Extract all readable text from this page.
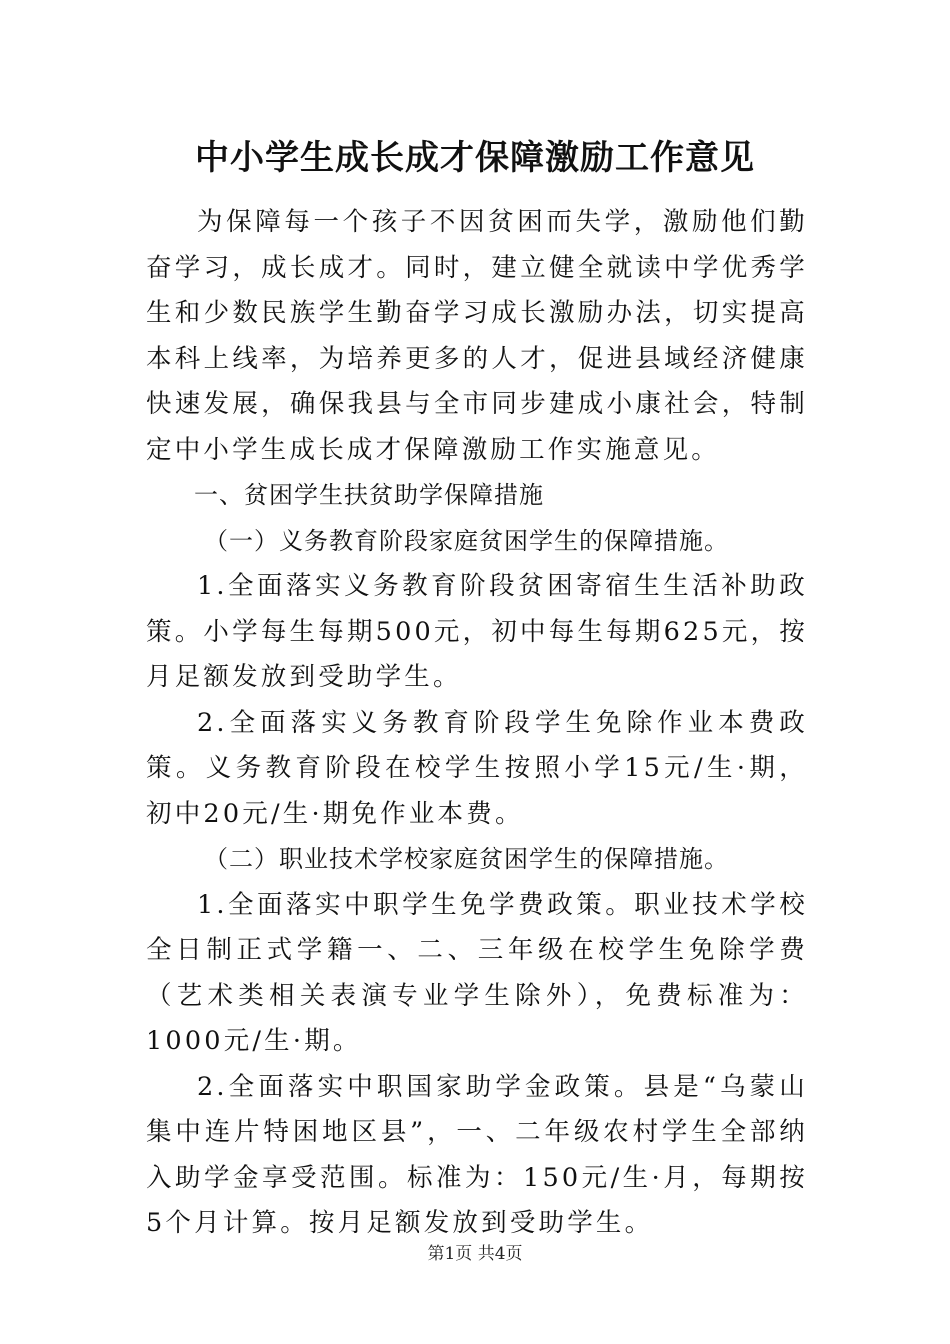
中小学生成长成才保障激励工作意见

为保障每一个孩子不因贫困而失学，激励他们勤奋学习，成长成才。同时，建立健全就读中学优秀学生和少数民族学生勤奋学习成长激励办法，切实提高本科上线率，为培养更多的人才，促进县域经济健康快速发展，确保我县与全市同步建成小康社会，特制定中小学生成长成才保障激励工作实施意见。

一、贫困学生扶贫助学保障措施

（一）义务教育阶段家庭贫困学生的保障措施。

1.全面落实义务教育阶段贫困寄宿生生活补助政策。小学每生每期500元，初中每生每期625元，按月足额发放到受助学生。

2.全面落实义务教育阶段学生免除作业本费政策。义务教育阶段在校学生按照小学15元/生·期，初中20元/生·期免作业本费。

（二）职业技术学校家庭贫困学生的保障措施。

1.全面落实中职学生免学费政策。职业技术学校全日制正式学籍一、二、三年级在校学生免除学费（艺术类相关表演专业学生除外），免费标准为：1000元/生·期。

2.全面落实中职国家助学金政策。县是“乌蒙山集中连片特困地区县”，一、二年级农村学生全部纳入助学金享受范围。标准为：150元/生·月，每期按5个月计算。按月足额发放到受助学生。

第1页 共4页
